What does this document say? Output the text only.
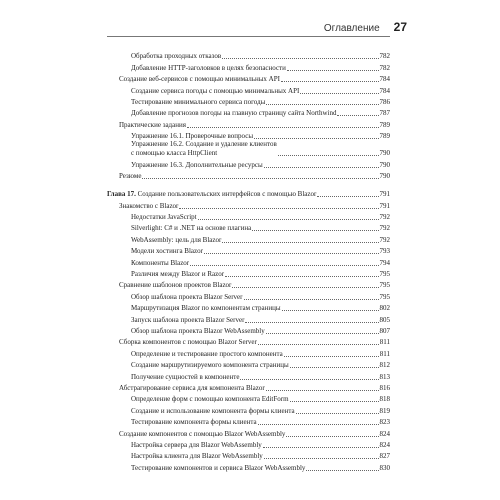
Оглавление 27
Обработка проходных отказов	782
Добавление HTTP-заголовков в целях безопасности	782
Создание веб-сервисов с помощью минимальных API	784
Создание сервиса погоды с помощью минимальных API	784
Тестирование минимального сервиса погоды	786
Добавление прогнозов погоды на главную страницу сайта Northwind	787
Практические задания	789
Упражнение 16.1. Проверочные вопросы	789
Упражнение 16.2. Создание и удаление клиентов
с помощью класса HttpClient	790
Упражнение 16.3. Дополнительные ресурсы	790
Резюме	790
Глава 17. Создание пользовательских интерфейсов с помощью Blazor	791
Знакомство с Blazor	791
Недостатки JavaScript	792
Silverlight: C# и .NET на основе плагина	792
WebAssembly: цель для Blazor	792
Модели хостинга Blazor	793
Компоненты Blazor	794
Различия между Blazor и Razor	795
Сравнение шаблонов проектов Blazor	795
Обзор шаблона проекта Blazor Server	795
Маршрутизация Blazor по компонентам страницы	802
Запуск шаблона проекта Blazor Server	805
Обзор шаблона проекта Blazor WebAssembly	807
Сборка компонентов с помощью Blazor Server	811
Определение и тестирование простого компонента	811
Создание маршрутизируемого компонента страницы	812
Получение сущностей в компоненте	813
Абстрагирование сервиса для компонента Blazor	816
Определение форм с помощью компонента EditForm	818
Создание и использование компонента формы клиента	819
Тестирование компонента формы клиента	823
Создание компонентов с помощью Blazor WebAssembly	824
Настройка сервера для Blazor WebAssembly	824
Настройка клиента для Blazor WebAssembly	827
Тестирование компонентов и сервиса Blazor WebAssembly	830
